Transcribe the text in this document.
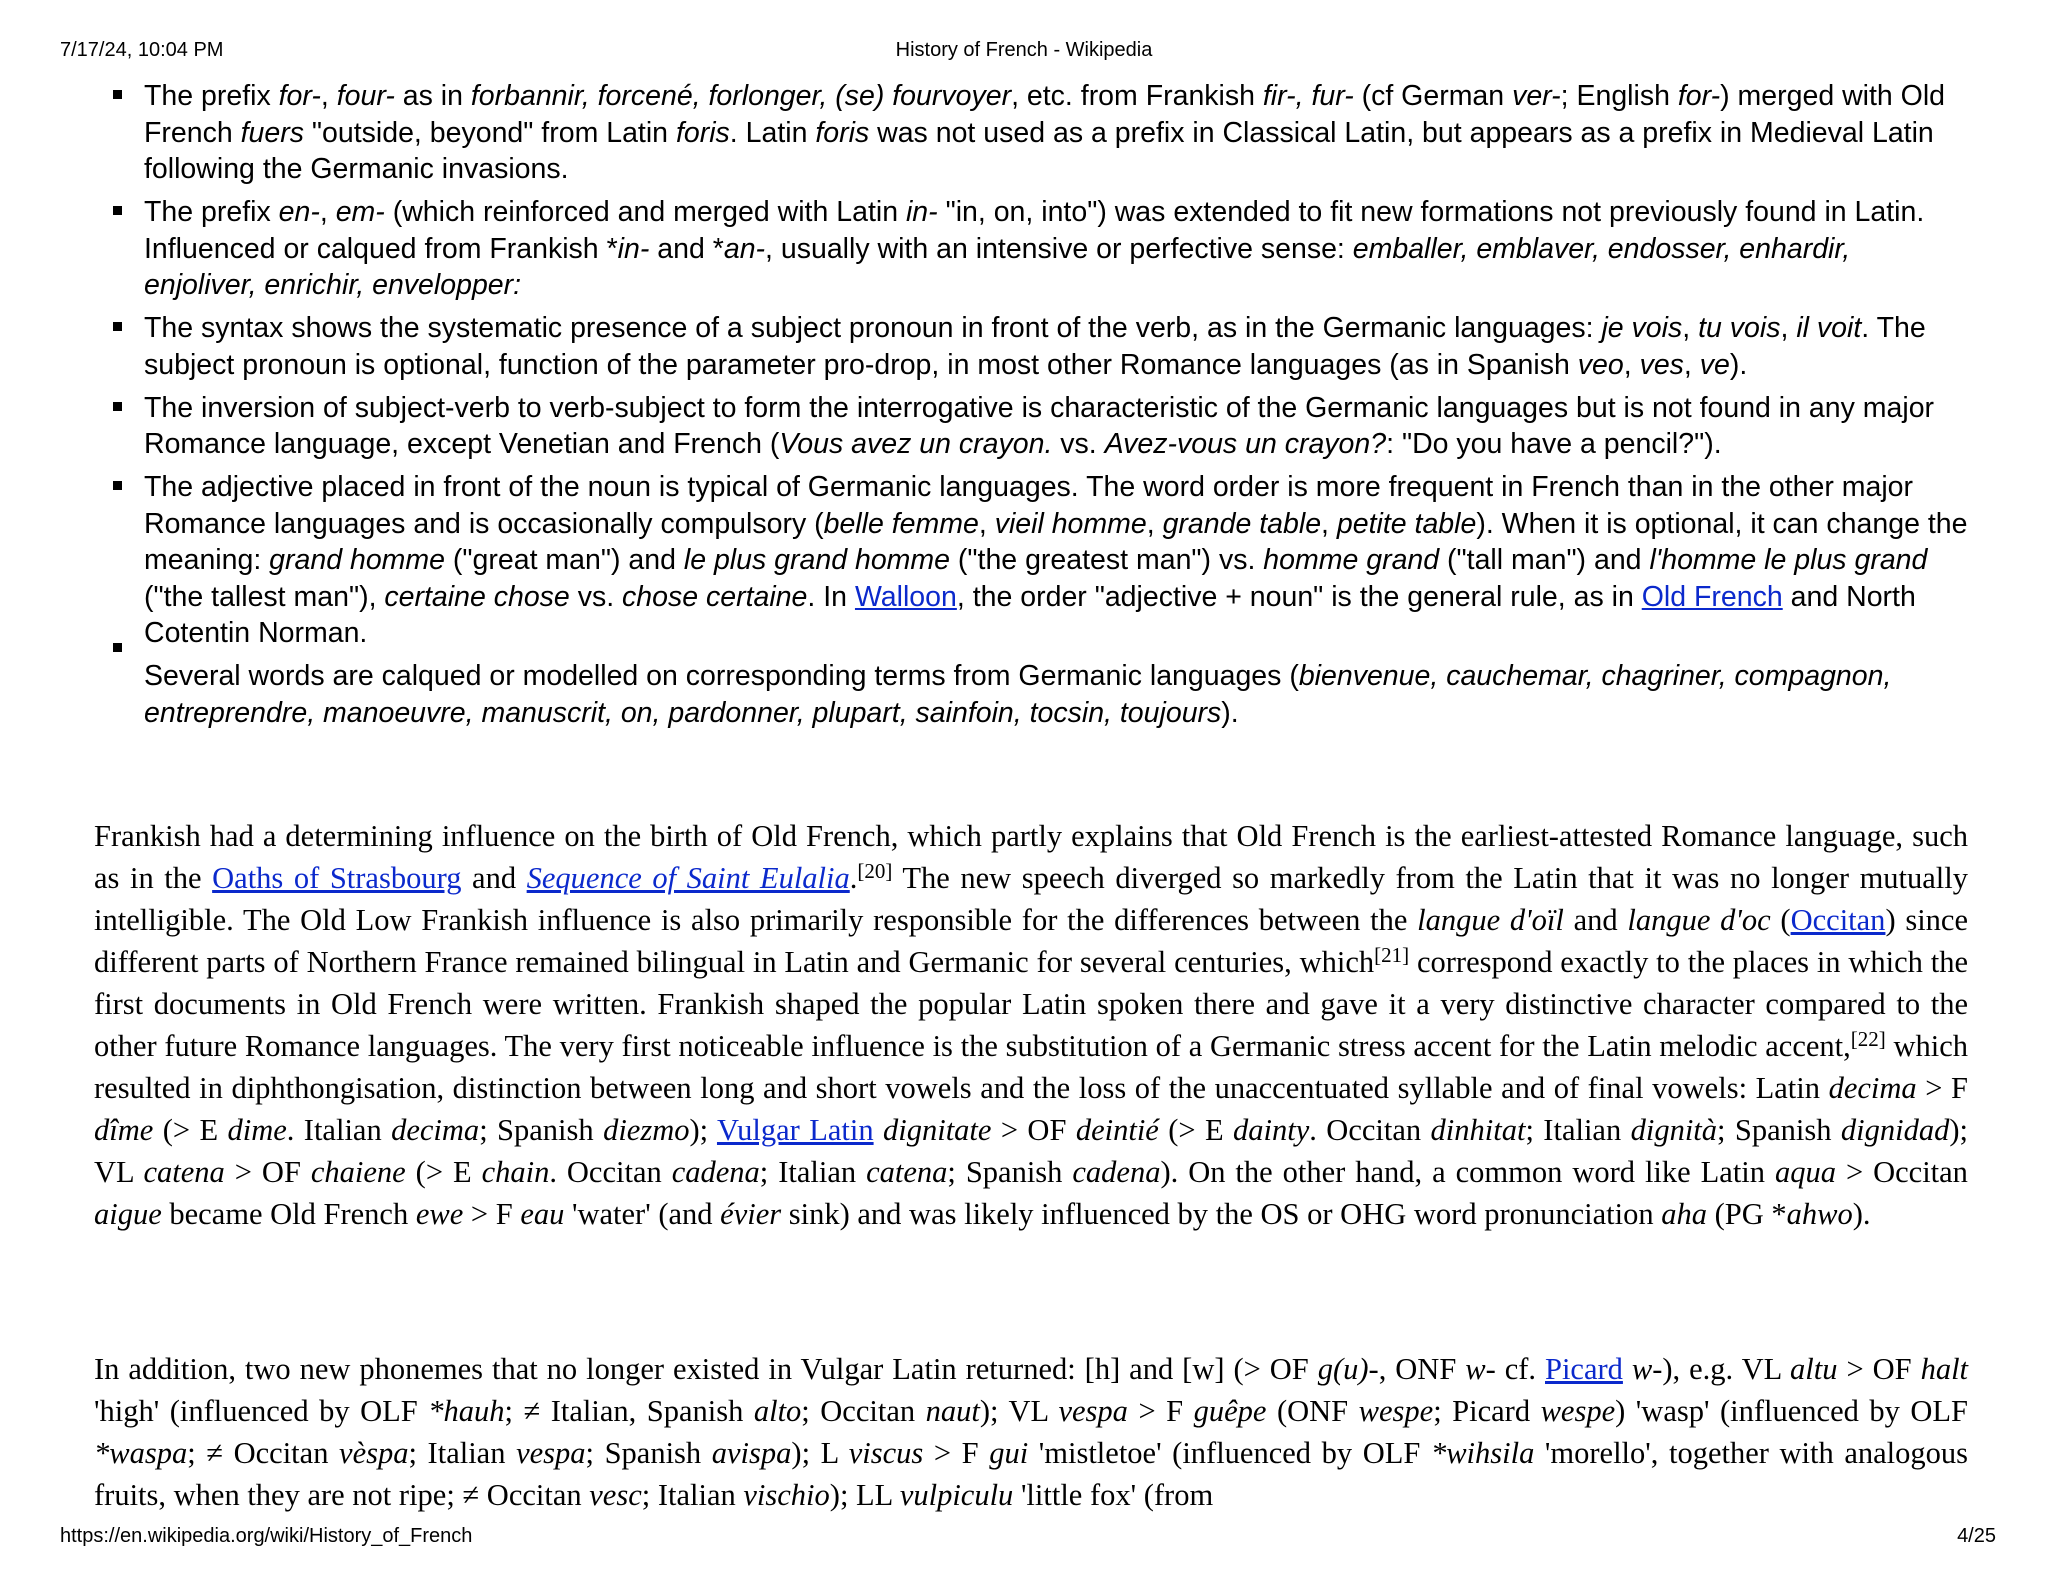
7/17/24, 10:04 PM	History of French - Wikipedia
The prefix for-, four- as in forbannir, forcené, forlonger, (se) fourvoyer, etc. from Frankish fir-, fur- (cf German ver-; English for-) merged with Old French fuers "outside, beyond" from Latin foris. Latin foris was not used as a prefix in Classical Latin, but appears as a prefix in Medieval Latin following the Germanic invasions.
The prefix en-, em- (which reinforced and merged with Latin in- "in, on, into") was extended to fit new formations not previously found in Latin. Influenced or calqued from Frankish *in- and *an-, usually with an intensive or perfective sense: emballer, emblaver, endosser, enhardir, enjoliver, enrichir, envelopper:
The syntax shows the systematic presence of a subject pronoun in front of the verb, as in the Germanic languages: je vois, tu vois, il voit. The subject pronoun is optional, function of the parameter pro-drop, in most other Romance languages (as in Spanish veo, ves, ve).
The inversion of subject-verb to verb-subject to form the interrogative is characteristic of the Germanic languages but is not found in any major Romance language, except Venetian and French (Vous avez un crayon. vs. Avez-vous un crayon?: "Do you have a pencil?").
The adjective placed in front of the noun is typical of Germanic languages. The word order is more frequent in French than in the other major Romance languages and is occasionally compulsory (belle femme, vieil homme, grande table, petite table). When it is optional, it can change the meaning: grand homme ("great man") and le plus grand homme ("the greatest man") vs. homme grand ("tall man") and l'homme le plus grand ("the tallest man"), certaine chose vs. chose certaine. In Walloon, the order "adjective + noun" is the general rule, as in Old French and North Cotentin Norman.
Several words are calqued or modelled on corresponding terms from Germanic languages (bienvenue, cauchemar, chagriner, compagnon, entreprendre, manoeuvre, manuscrit, on, pardonner, plupart, sainfoin, tocsin, toujours).

Frankish had a determining influence on the birth of Old French, which partly explains that Old French is the earliest-attested Romance language, such as in the Oaths of Strasbourg and Sequence of Saint Eulalia.[20] The new speech diverged so markedly from the Latin that it was no longer mutually intelligible. The Old Low Frankish influence is also primarily responsible for the differences between the langue d'oïl and langue d'oc (Occitan) since different parts of Northern France remained bilingual in Latin and Germanic for several centuries, which[21] correspond exactly to the places in which the first documents in Old French were written. Frankish shaped the popular Latin spoken there and gave it a very distinctive character compared to the other future Romance languages. The very first noticeable influence is the substitution of a Germanic stress accent for the Latin melodic accent,[22] which resulted in diphthongisation, distinction between long and short vowels and the loss of the unaccentuated syllable and of final vowels: Latin decima > F dîme (> E dime. Italian decima; Spanish diezmo); Vulgar Latin dignitate > OF deintié (> E dainty. Occitan dinhitat; Italian dignità; Spanish dignidad); VL catena > OF chaiene (> E chain. Occitan cadena; Italian catena; Spanish cadena). On the other hand, a common word like Latin aqua > Occitan aigue became Old French ewe > F eau 'water' (and évier sink) and was likely influenced by the OS or OHG word pronunciation aha (PG *ahwo).

In addition, two new phonemes that no longer existed in Vulgar Latin returned: [h] and [w] (> OF g(u)-, ONF w- cf. Picard w-), e.g. VL altu > OF halt 'high' (influenced by OLF *hauh; ≠ Italian, Spanish alto; Occitan naut); VL vespa > F guêpe (ONF wespe; Picard wespe) 'wasp' (influenced by OLF *waspa; ≠ Occitan vèspa; Italian vespa; Spanish avispa); L viscus > F gui 'mistletoe' (influenced by OLF *wihsila 'morello', together with analogous fruits, when they are not ripe; ≠ Occitan vesc; Italian vischio); LL vulpiculu 'little fox' (from

https://en.wikipedia.org/wiki/History_of_French	4/25
